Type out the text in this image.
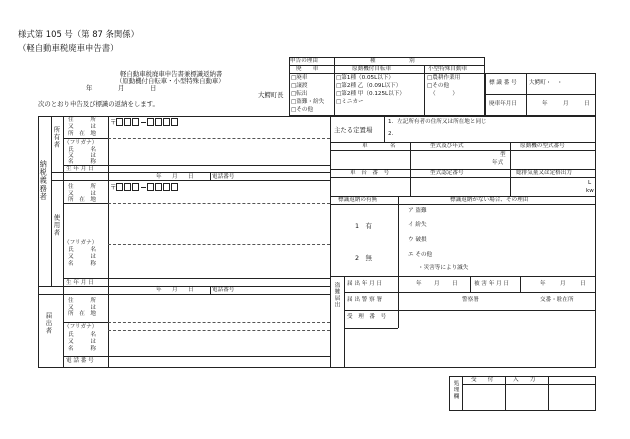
様式第 105 号（第 87 条関係）
（軽自動車税廃車申告書）
軽自動車税廃車申告書兼標識返納書
（原動機付自転車・小型特殊自動車）
年	月	日
大鰐町長
次のとおり申告及び標識の返納をします。
申告の理由	種　　　　　　別
廃　　車	原動機付自転車	小型特殊自動車
□廃車
□譲渡
□転出
□盗難・紛失
□その他
□第1種（0.05L以下）
□第2種 乙（0.09L以下）
□第2種 甲（0.125L以下）
□ミニカー
□農耕作業用
□その他
（　　　）
標 識 番 号 大鰐町・　・
廃車年月日	年	月	日
納税義務者
所有者
使用者
住　　　所
又　　　は
所　在　地
〒
（フリガナ）
氏　　　名
又　　　は
名　　　称
生 年 月 日
年 月 日	電話番号
住　　　所
又　　　は
所　在　地
〒
（フリガナ）
氏　　　名
又　　　は
名　　　称
生 年 月 日
年 月 日	電話番号
届出者
住　　　所
又　　　は
所　在　地
（フリガナ）
氏　　　名
又　　　は
名　　　称
電 話 番 号
主たる定置場
1．左記所有者の住所又は所在地と同じ
2．
車　　　　名	型式及び年式	原動機の型式番号
型
年式
車　台　番　号	型式認定番号	総排気量又は定格出力
L
kw
標識返納の有無	標識返納がない場合、その理由
1　有
2　無
ア 盗難
イ 紛失
ウ 破損
エ その他
・災害等により滅失
盗難届出 届 出 年 月 日	年 月 日	被 害 年 月 日	年	月	日
届 出 警 察 署	警察署	交番・駐在所
受　理　番　号
処理欄 受　　付	入　　力
